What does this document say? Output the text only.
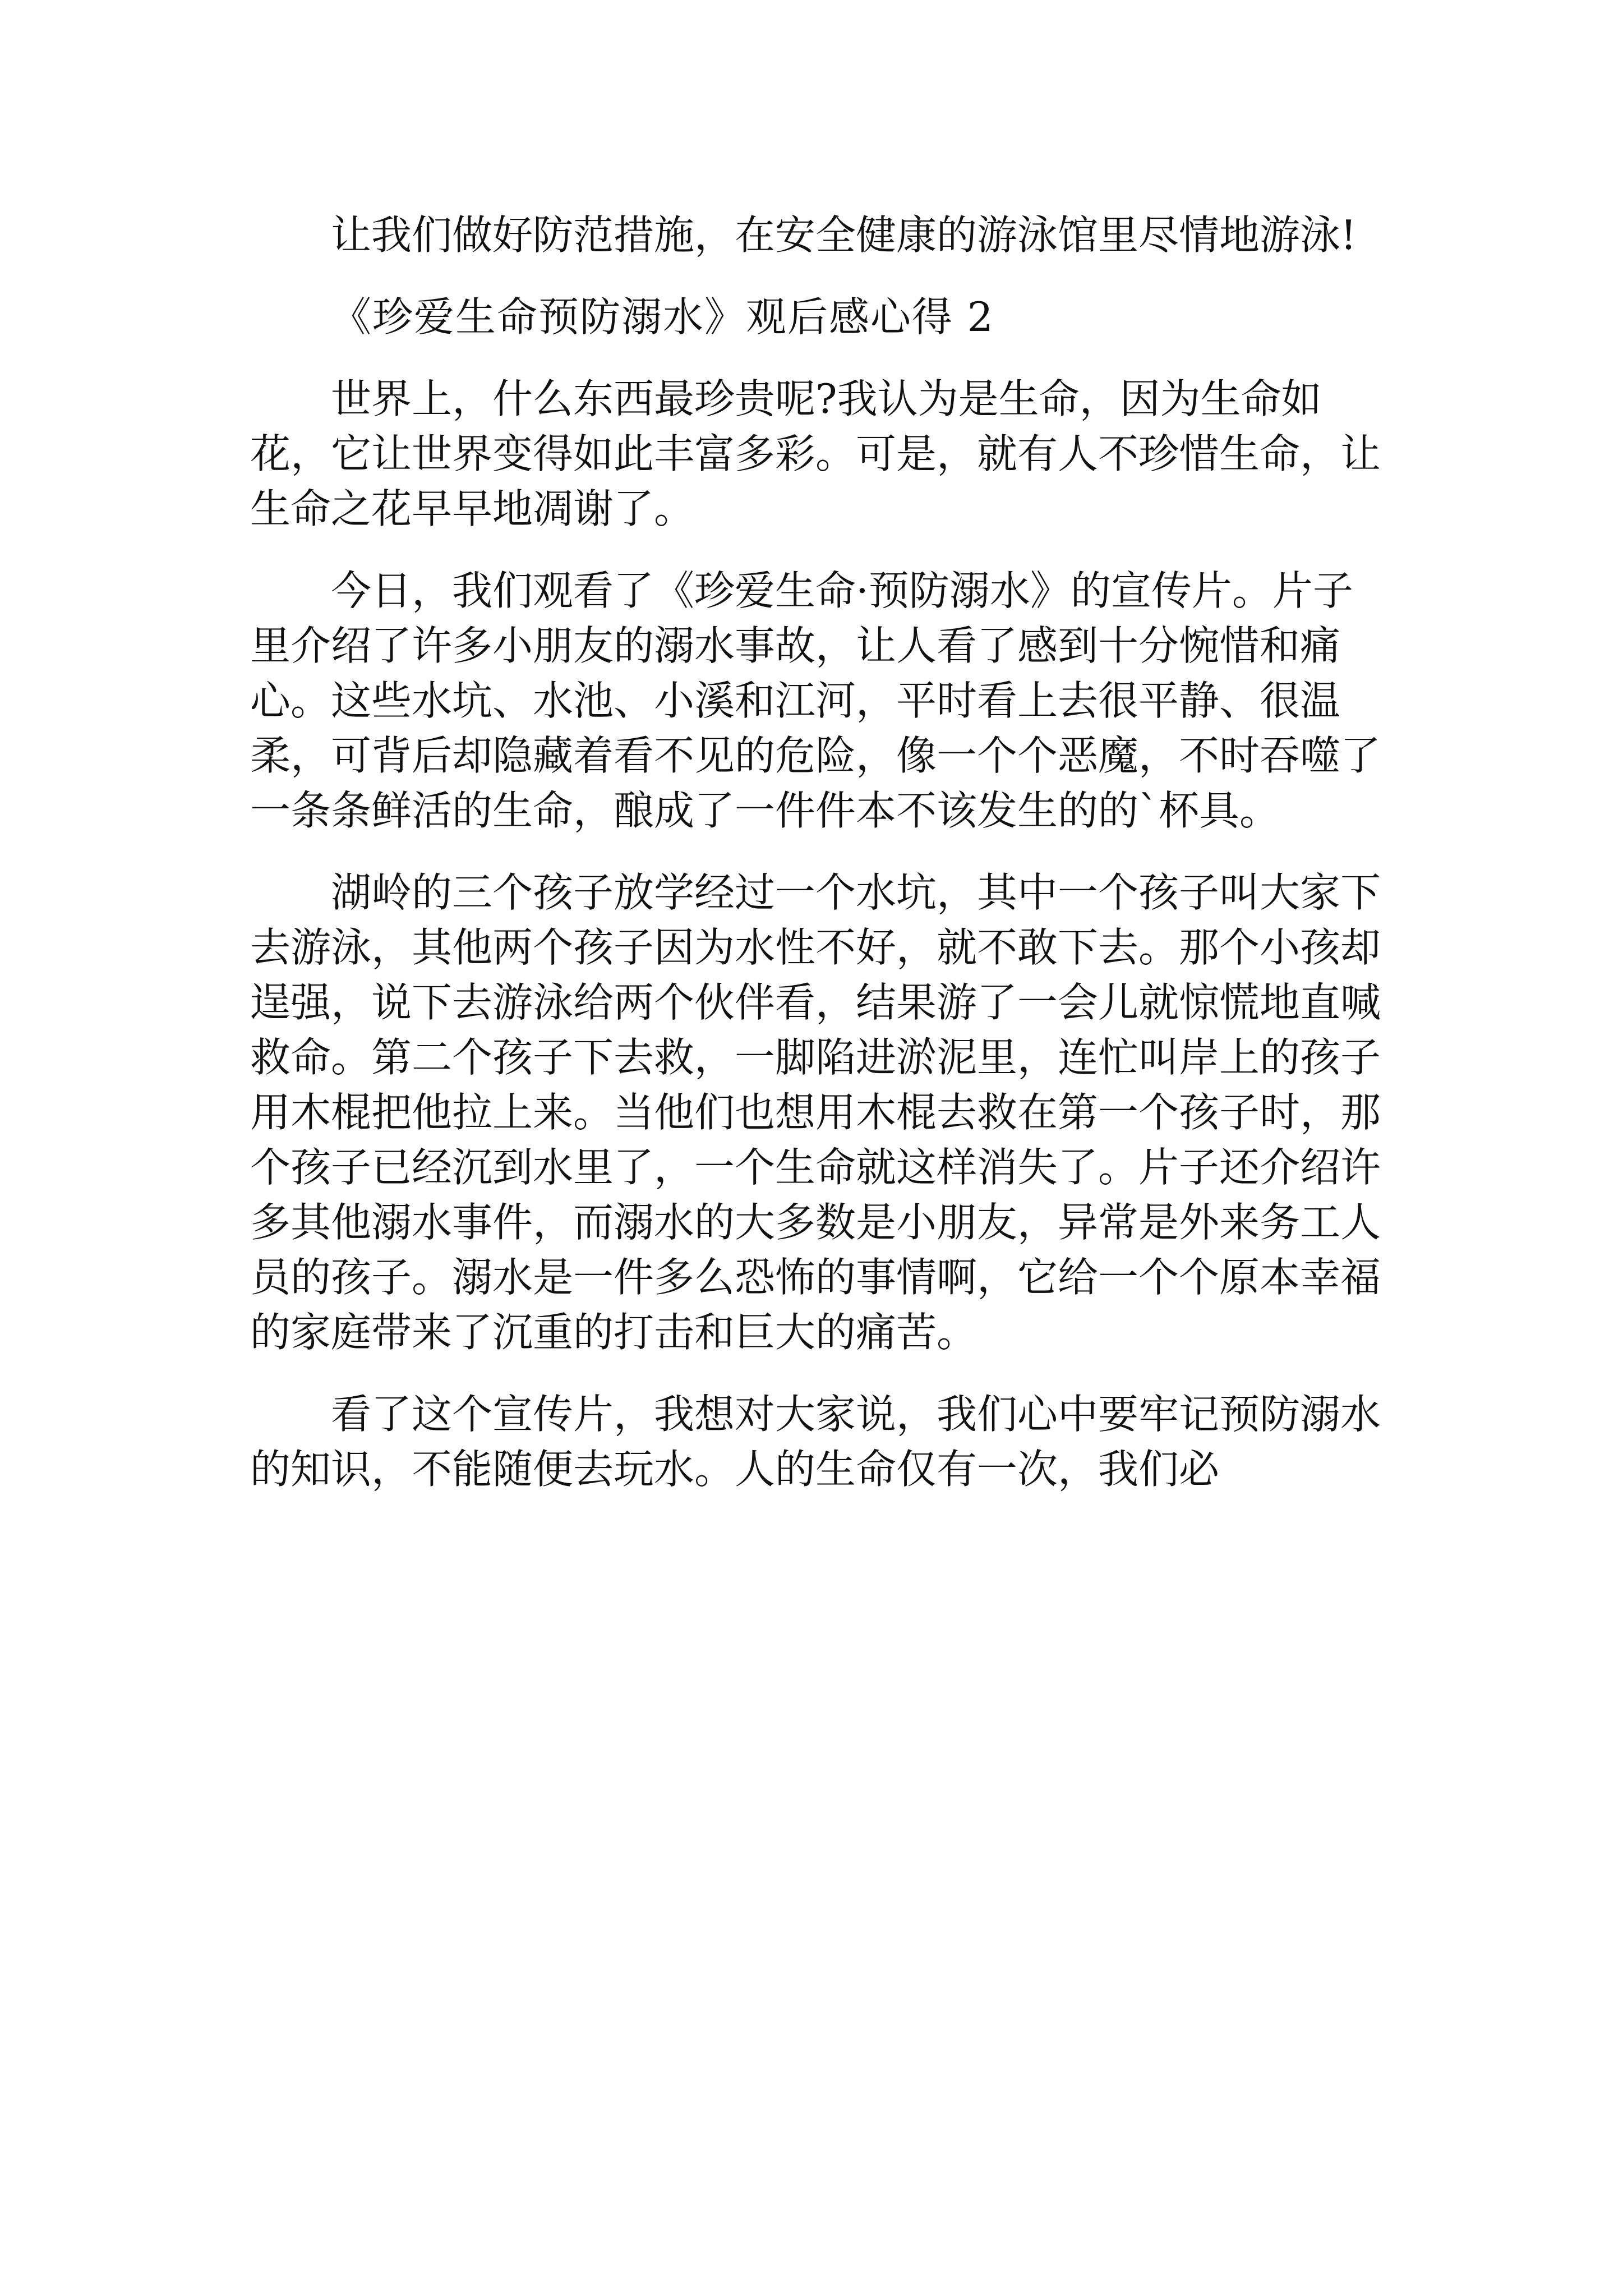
让我们做好防范措施，在安全健康的游泳馆里尽情地游泳!

《珍爱生命预防溺水》观后感心得 2

世界上，什么东西最珍贵呢?我认为是生命，因为生命如花，它让世界变得如此丰富多彩。可是，就有人不珍惜生命，让生命之花早早地凋谢了。

今日，我们观看了《珍爱生命·预防溺水》的宣传片。片子里介绍了许多小朋友的溺水事故，让人看了感到十分惋惜和痛心。这些水坑、水池、小溪和江河，平时看上去很平静、很温柔，可背后却隐藏着看不见的危险，像一个个恶魔，不时吞噬了一条条鲜活的生命，酿成了一件件本不该发生的的`杯具。

湖岭的三个孩子放学经过一个水坑，其中一个孩子叫大家下去游泳，其他两个孩子因为水性不好，就不敢下去。那个小孩却逞强，说下去游泳给两个伙伴看，结果游了一会儿就惊慌地直喊救命。第二个孩子下去救，一脚陷进淤泥里，连忙叫岸上的孩子用木棍把他拉上来。当他们也想用木棍去救在第一个孩子时，那个孩子已经沉到水里了，一个生命就这样消失了。片子还介绍许多其他溺水事件，而溺水的大多数是小朋友，异常是外来务工人员的孩子。溺水是一件多么恐怖的事情啊，它给一个个原本幸福的家庭带来了沉重的打击和巨大的痛苦。

看了这个宣传片，我想对大家说，我们心中要牢记预防溺水的知识，不能随便去玩水。人的生命仅有一次，我们必
